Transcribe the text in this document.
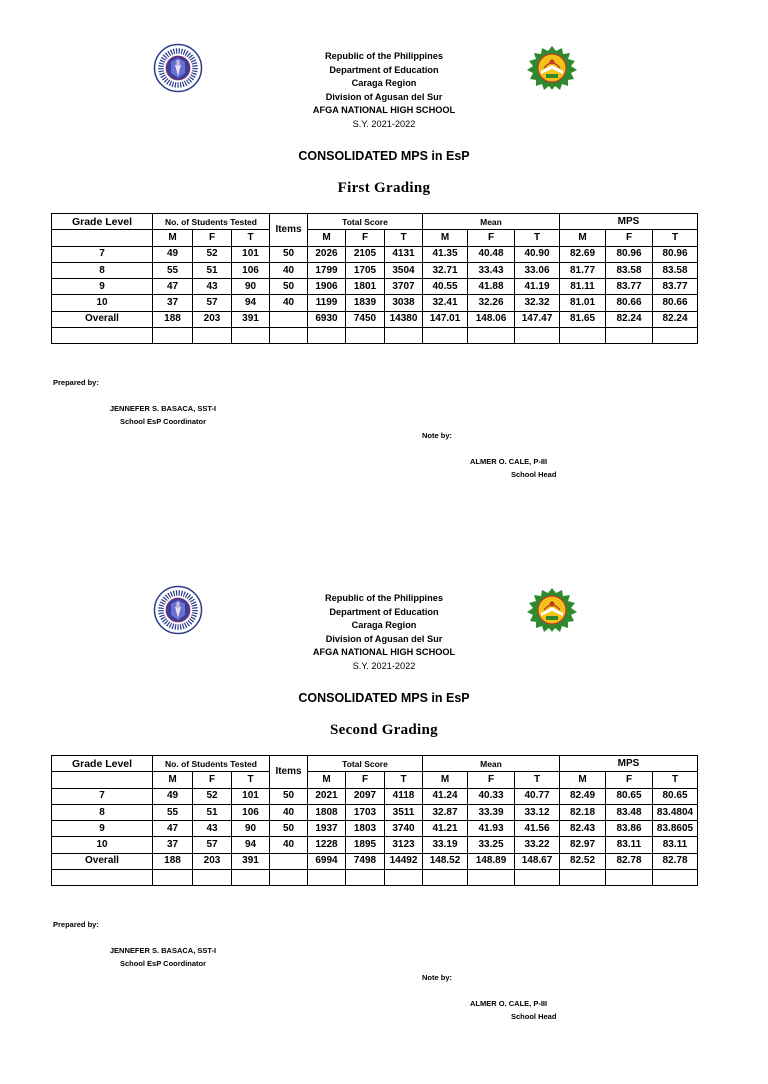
Republic of the Philippines
Department of Education
Caraga Region
Division of Agusan del Sur
AFGA NATIONAL HIGH SCHOOL
S.Y. 2021-2022
CONSOLIDATED MPS in EsP
First Grading
Grade Level	No. of Students Tested			Items	Total Score			Mean			MPS		
	M	F	T		M	F	T	M	F	T	M	F	T
7	49	52	101	50	2026	2105	4131	41.35	40.48	40.90	82.69	80.96	80.96
8	55	51	106	40	1799	1705	3504	32.71	33.43	33.06	81.77	83.58	83.58
9	47	43	90	50	1906	1801	3707	40.55	41.88	41.19	81.11	83.77	83.77
10	37	57	94	40	1199	1839	3038	32.41	32.26	32.32	81.01	80.66	80.66
Overall	188	203	391		6930	7450	14380	147.01	148.06	147.47	81.65	82.24	82.24

Prepared by:
JENNEFER S. BASACA, SST-I
School EsP Coordinator
Note by:
ALMER O. CALE, P-III
School Head
Republic of the Philippines
Department of Education
Caraga Region
Division of Agusan del Sur
AFGA NATIONAL HIGH SCHOOL
S.Y. 2021-2022
CONSOLIDATED MPS in EsP
Second Grading
Grade Level	No. of Students Tested			Items	Total Score			Mean			MPS		
	M	F	T		M	F	T	M	F	T	M	F	T
7	49	52	101	50	2021	2097	4118	41.24	40.33	40.77	82.49	80.65	80.65
8	55	51	106	40	1808	1703	3511	32.87	33.39	33.12	82.18	83.48	83.4804
9	47	43	90	50	1937	1803	3740	41.21	41.93	41.56	82.43	83.86	83.8605
10	37	57	94	40	1228	1895	3123	33.19	33.25	33.22	82.97	83.11	83.11
Overall	188	203	391		6994	7498	14492	148.52	148.89	148.67	82.52	82.78	82.78

Prepared by:
JENNEFER S. BASACA, SST-I
School EsP Coordinator
Note by:
ALMER O. CALE, P-III
School Head
